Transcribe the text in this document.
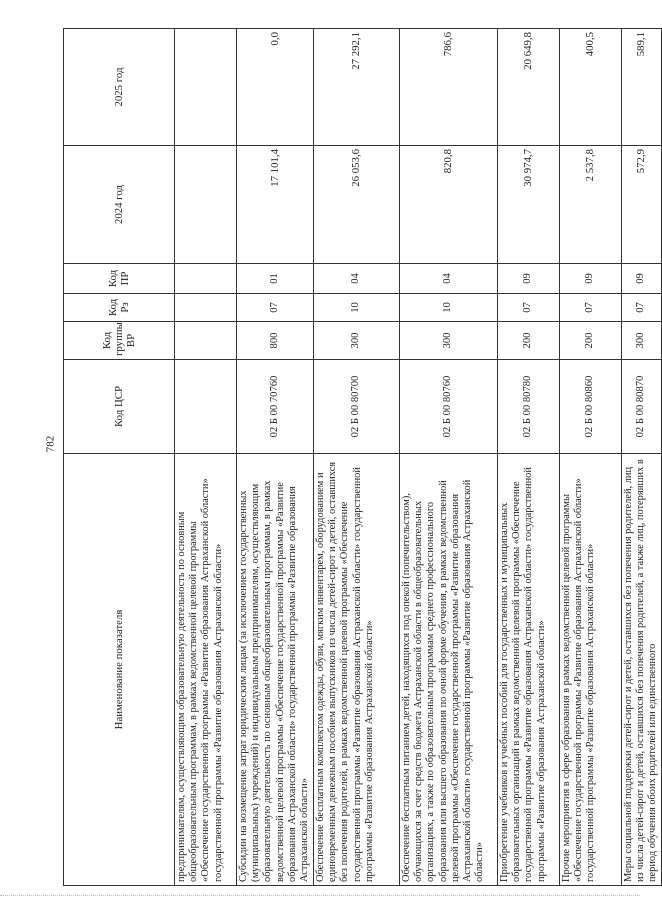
782
Наименование показателя	Код ЦСР	Код группы ВР	Код Рз	Код ПР	2024 год	2025 год
предпринимателям, осуществляющим образовательную деятельность по основным общеобразовательным программам, в рамках ведомственной целевой программы «Обеспечение государственной программы «Развитие образования Астраханской области» государственной программы «Развитие образования Астраханской области»						
Субсидии на возмещение затрат юридическим лицам (за исключением государственных (муниципальных) учреждений) и индивидуальным предпринимателям, осуществляющим образовательную деятельность по основным общеобразовательным программам, в рамках ведомственной целевой программы «Обеспечение государственной программы «Развитие образования Астраханской области» государственной программы «Развитие образования Астраханской области»	02 Б 00 70760	800	07	01	17 101,4	0,0
Обеспечение бесплатным комплектом одежды, обуви, мягким инвентарем, оборудованием и единовременным денежным пособием выпускников из числа детей-сирот и детей, оставшихся без попечения родителей, в рамках ведомственной целевой программы «Обеспечение государственной программы «Развитие образования Астраханской области» государственной программы «Развитие образования Астраханской области»	02 Б 00 80700	300	10	04	26 053,6	27 292,1
Обеспечение бесплатным питанием детей, находящихся под опекой (попечительством), обучающихся за счет средств бюджета Астраханской области в общеобразовательных организациях, а также по образовательным программам среднего профессионального образования или высшего образования по очной форме обучения, в рамках ведомственной целевой программы «Обеспечение государственной программы «Развитие образования Астраханской области» государственной программы «Развитие образования Астраханской области»	02 Б 00 80760	300	10	04	820,8	786,6
Приобретение учебников и учебных пособий для государственных и муниципальных образовательных организаций в рамках ведомственной целевой программы «Обеспечение государственной программы «Развитие образования Астраханской области» государственной программы «Развитие образования Астраханской области»	02 Б 00 80780	200	07	09	30 974,7	20 649,8
Прочие мероприятия в сфере образования в рамках ведомственной целевой программы «Обеспечение государственной программы «Развитие образования Астраханской области» государственной программы «Развитие образования Астраханской области»	02 Б 00 80860	200	07	09	2 537,8	400,5
Меры социальной поддержки детей-сирот и детей, оставшихся без попечения родителей, лиц из числа детей-сирот и детей, оставшихся без попечения родителей, а также лиц, потерявших в период обучения обоих родителей или единственного	02 Б 00 80870	300	07	09	572,9	589,1
